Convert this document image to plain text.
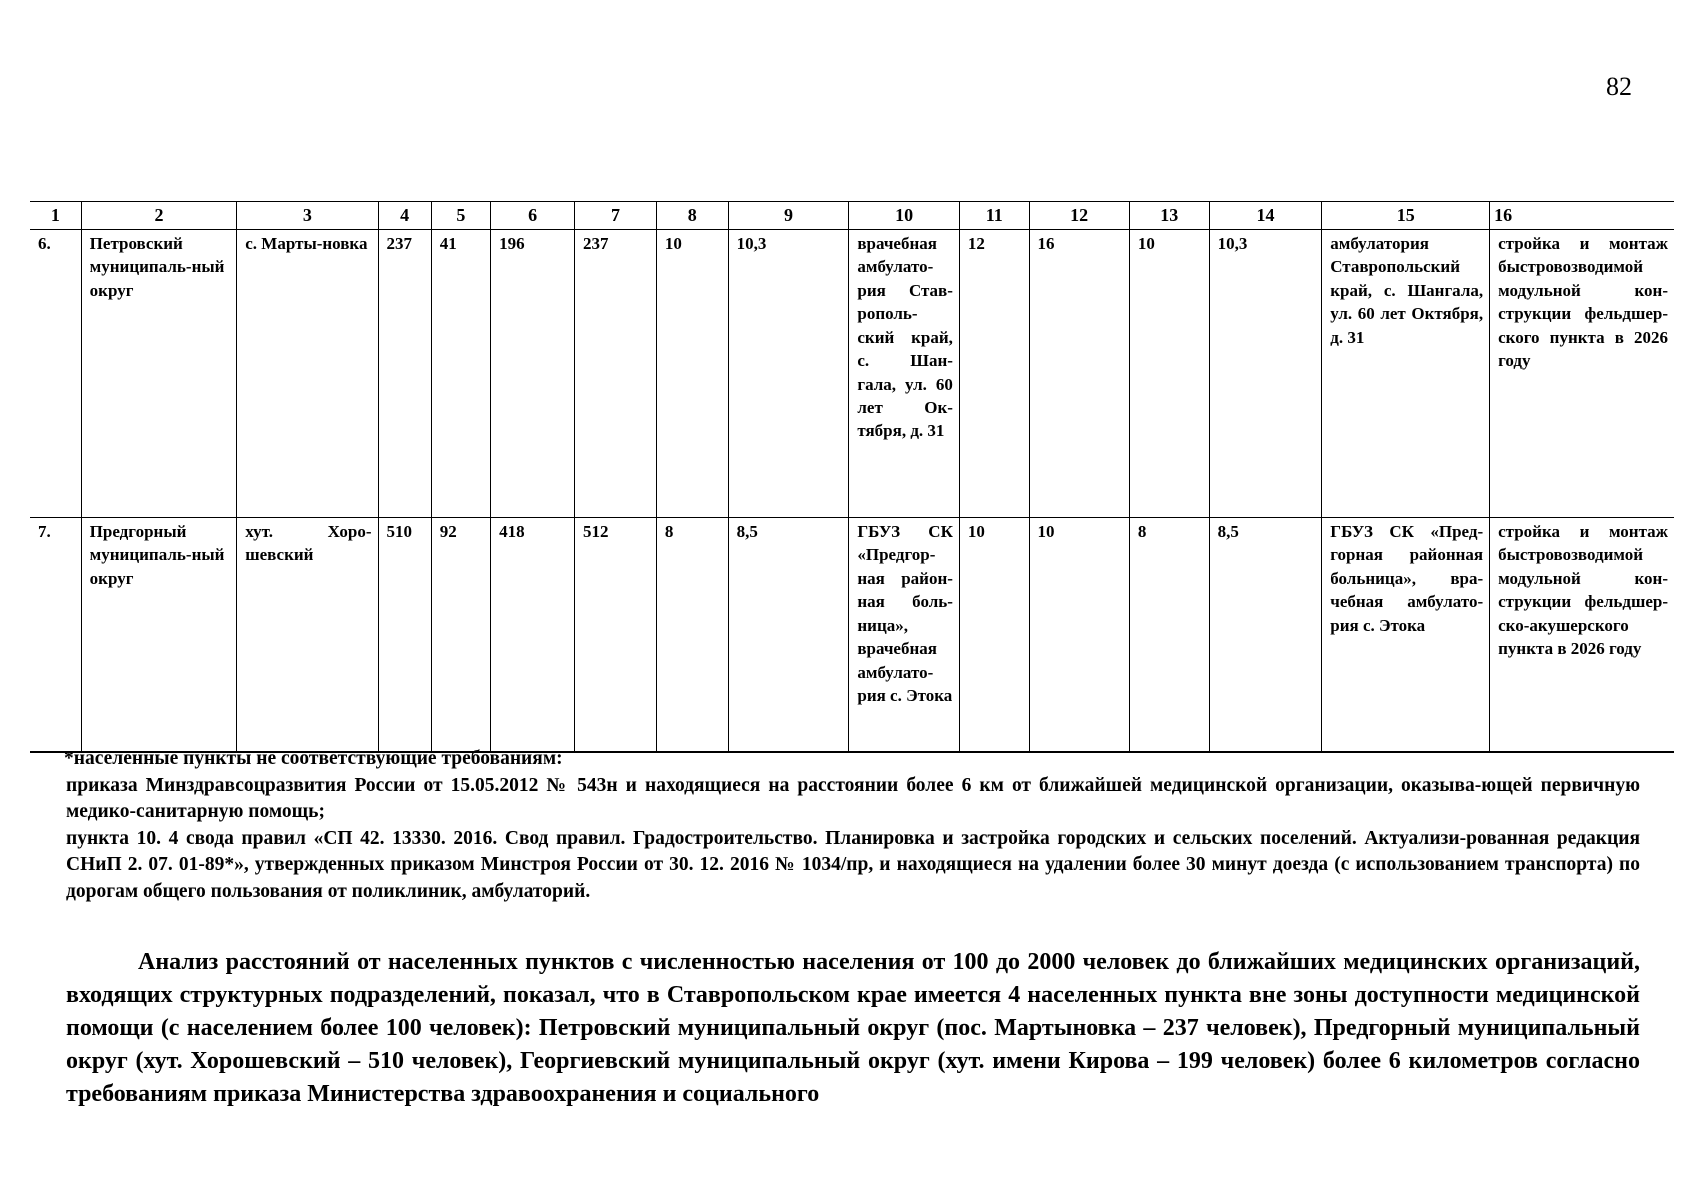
82
1	2	3	4	5	6	7	8	9	10	11	12	13	14	15	16
6.	Петровский муниципаль-ный округ	с. Марты-новка	237	41	196	237	10	10,3	врачебная амбулато-рия Став-рополь-ский край, с. Шан-гала, ул. 60 лет Ок-тября, д. 31	12	16	10	10,3	амбулатория Ставропольский край, с. Шангала, ул. 60 лет Октября, д. 31	стройка и монтаж быстровозводимой модульной кон-струкции фельдшер-ского пункта в 2026 году
7.	Предгорный муниципаль-ный округ	хут. Хоро-шевский	510	92	418	512	8	8,5	ГБУЗ СК «Предгор-ная район-ная боль-ница», врачебная амбулато-рия с. Этока	10	10	8	8,5	ГБУЗ СК «Пред-горная районная больница», вра-чебная амбулато-рия с. Этока	стройка и монтаж быстровозводимой модульной кон-струкции фельдшер-ско-акушерского пункта в 2026 году

*населенные пункты не соответствующие требованиям:

приказа Минздравсоцразвития России от 15.05.2012 № 543н и находящиеся на расстоянии более 6 км от ближайшей медицинской организации, оказыва-ющей первичную медико-санитарную помощь;

пункта 10. 4 свода правил «СП 42. 13330. 2016. Свод правил. Градостроительство. Планировка и застройка городских и сельских поселений. Актуализи-рованная редакция СНиП 2. 07. 01-89*», утвержденных приказом Минстроя России от 30. 12. 2016 № 1034/пр, и находящиеся на удалении более 30 минут доезда (с использованием транспорта) по дорогам общего пользования от поликлиник, амбулаторий.

Анализ расстояний от населенных пунктов с численностью населения от 100 до 2000 человек до ближайших медицинских организаций, входящих структурных подразделений, показал, что в Ставропольском крае имеется 4 населенных пункта вне зоны доступности медицинской помощи (с населением более 100 человек): Петровский муниципальный округ (пос. Мартыновка – 237 человек), Предгорный муниципальный округ (хут. Хорошевский – 510 человек), Георгиевский муниципальный округ (хут. имени Кирова – 199 человек) более 6 километров согласно требованиям приказа Министерства здравоохранения и социального
